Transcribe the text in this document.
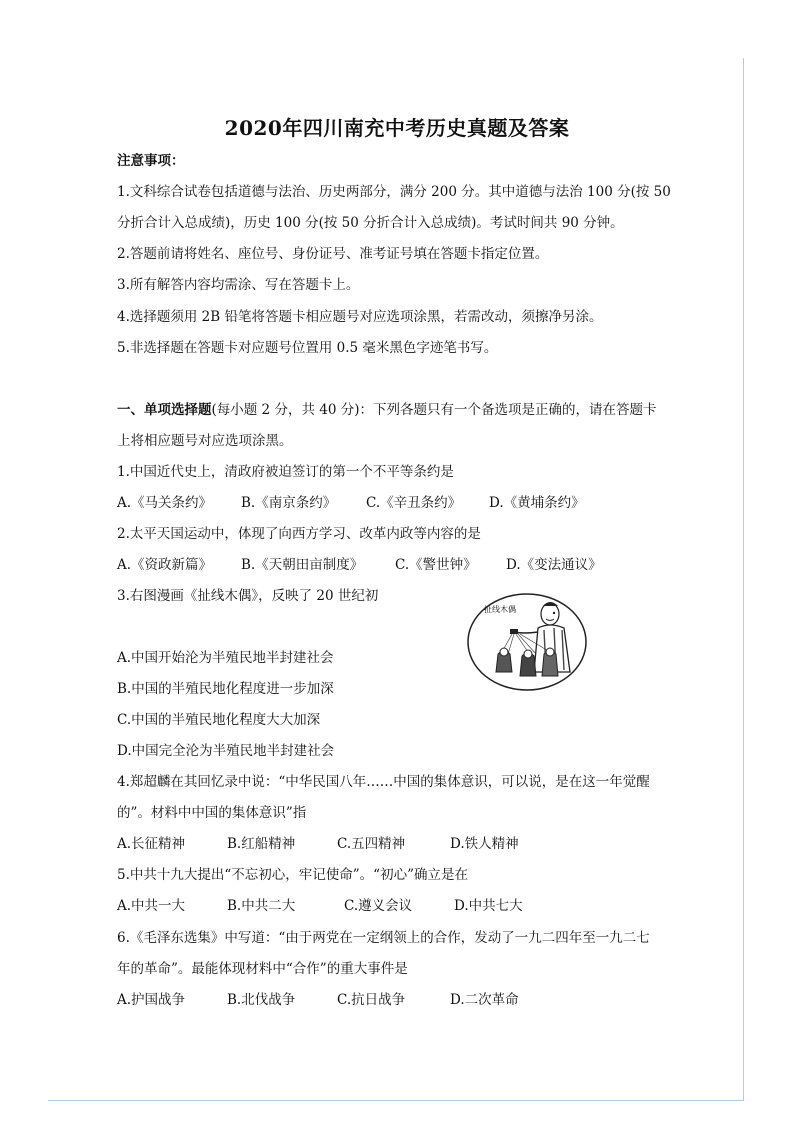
2020年四川南充中考历史真题及答案
注意事项：
1.文科综合试卷包括道德与法治、历史两部分，满分 200 分。其中道德与法治 100 分(按 50
分折合计入总成绩)，历史 100 分(按 50 分折合计入总成绩)。考试时间共 90 分钟。
2.答题前请将姓名、座位号、身份证号、准考证号填在答题卡指定位置。
3.所有解答内容均需涂、写在答题卡上。
4.选择题须用 2B 铅笔将答题卡相应题号对应选项涂黑，若需改动，须擦净另涂。
5.非选择题在答题卡对应题号位置用 0.5 毫米黑色字迹笔书写。
一、单项选择题(每小题 2 分，共 40 分)：下列各题只有一个备选项是正确的，请在答题卡
上将相应题号对应选项涂黑。
1.中国近代史上，清政府被迫签订的第一个不平等条约是
A.《马关条约》 B.《南京条约》 C.《辛丑条约》 D.《黄埔条约》
2.太平天国运动中，体现了向西方学习、改革内政等内容的是
A.《资政新篇》 B.《天朝田亩制度》 C.《警世钟》 D.《变法通议》
3.右图漫画《扯线木偶》，反映了 20 世纪初
A.中国开始沦为半殖民地半封建社会
B.中国的半殖民地化程度进一步加深
C.中国的半殖民地化程度大大加深
D.中国完全沦为半殖民地半封建社会
4.郑超麟在其回忆录中说：“中华民国八年……中国的集体意识，可以说，是在这一年觉醒
的”。材料中中国的集体意识”指
A.长征精神	B.红船精神	C.五四精神	D.铁人精神
5.中共十九大提出“不忘初心，牢记使命”。“初心”确立是在
A.中共一大	B.中共二大	C.遵义会议	D.中共七大
6.《毛泽东选集》中写道：“由于两党在一定纲领上的合作，发动了一九二四年至一九二七
年的革命”。最能体现材料中“合作”的重大事件是
A.护国战争	B.北伐战争	C.抗日战争	D.二次革命
扯线木偶
